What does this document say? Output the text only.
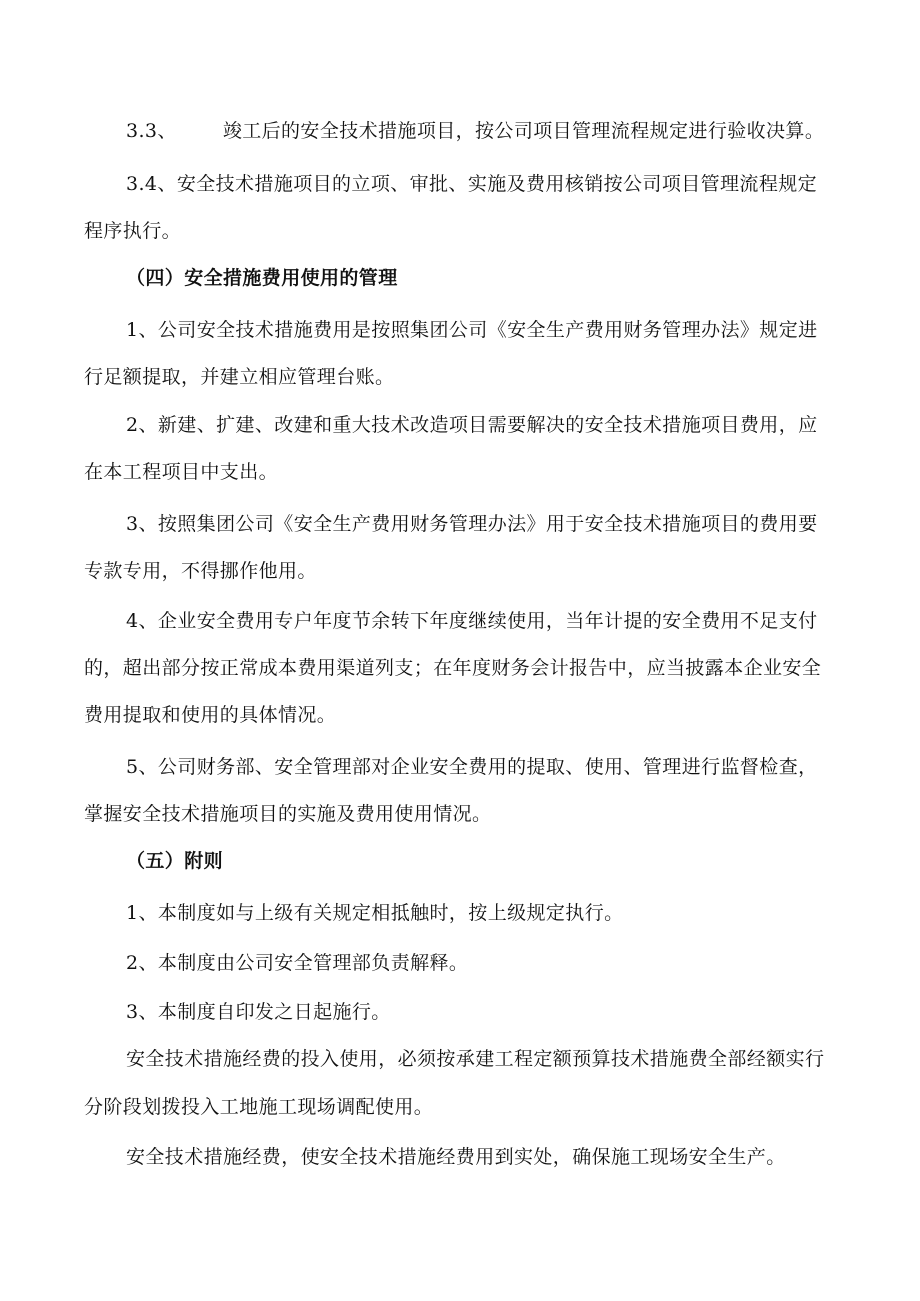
3.3、 竣工后的安全技术措施项目，按公司项目管理流程规定进行验收决算。
3.4、安全技术措施项目的立项、审批、实施及费用核销按公司项目管理流程规定
程序执行。
（四）安全措施费用使用的管理
1、公司安全技术措施费用是按照集团公司《安全生产费用财务管理办法》规定进
行足额提取，并建立相应管理台账。
2、新建、扩建、改建和重大技术改造项目需要解决的安全技术措施项目费用，应
在本工程项目中支出。
3、按照集团公司《安全生产费用财务管理办法》用于安全技术措施项目的费用要
专款专用，不得挪作他用。
4、企业安全费用专户年度节余转下年度继续使用，当年计提的安全费用不足支付
的，超出部分按正常成本费用渠道列支；在年度财务会计报告中，应当披露本企业安全
费用提取和使用的具体情况。
5、公司财务部、安全管理部对企业安全费用的提取、使用、管理进行监督检查，
掌握安全技术措施项目的实施及费用使用情况。
（五）附则
1、本制度如与上级有关规定相抵触时，按上级规定执行。
2、本制度由公司安全管理部负责解释。
3、本制度自印发之日起施行。
安全技术措施经费的投入使用，必须按承建工程定额预算技术措施费全部经额实行
分阶段划拨投入工地施工现场调配使用。
安全技术措施经费，使安全技术措施经费用到实处，确保施工现场安全生产。
